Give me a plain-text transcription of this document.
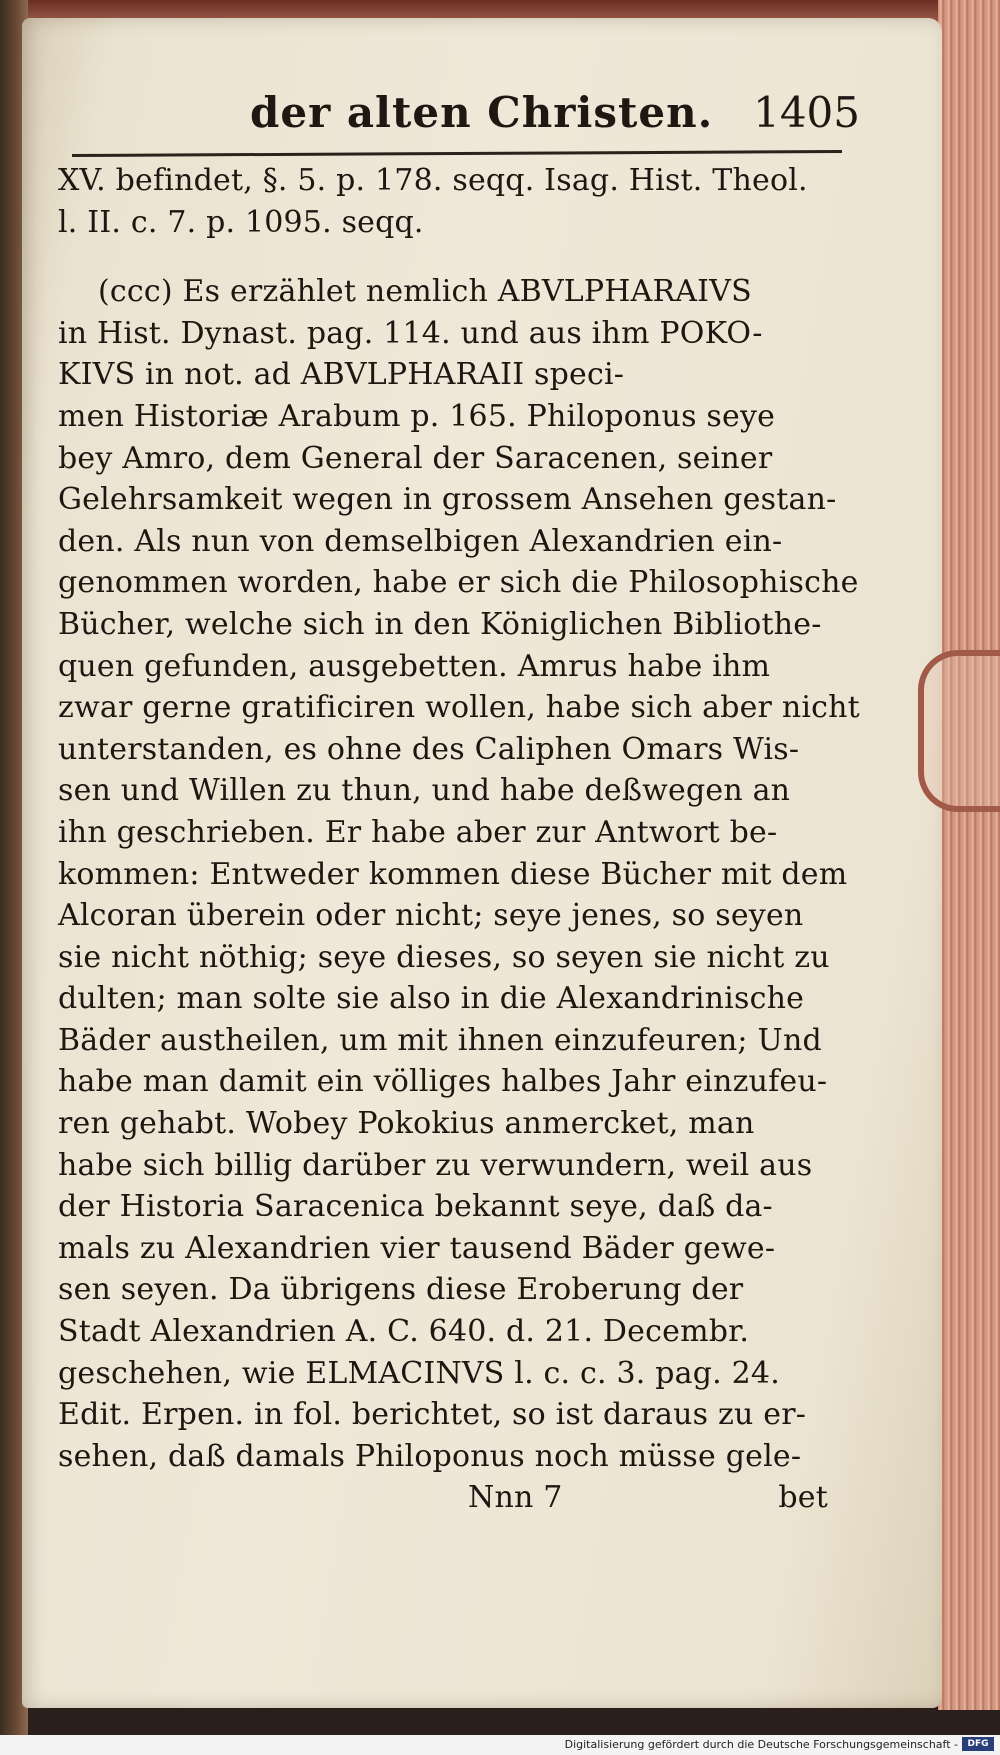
der alten Christen. 1405
XV. befindet, §. 5. p. 178. seqq. Isag. Hist. Theol.
l. II. c. 7. p. 1095. seqq.
(ccc) Es erzählet nemlich ABVLPHARAIVS
in Hist. Dynast. pag. 114. und aus ihm POKO-
KIVS in not. ad ABVLPHARAII speci-
men Historiæ Arabum p. 165. Philoponus seye
bey Amro, dem General der Saracenen, seiner
Gelehrsamkeit wegen in grossem Ansehen gestan-
den. Als nun von demselbigen Alexandrien ein-
genommen worden, habe er sich die Philosophische
Bücher, welche sich in den Königlichen Bibliothe-
quen gefunden, ausgebetten. Amrus habe ihm
zwar gerne gratificiren wollen, habe sich aber nicht
unterstanden, es ohne des Caliphen Omars Wis-
sen und Willen zu thun, und habe deßwegen an
ihn geschrieben. Er habe aber zur Antwort be-
kommen: Entweder kommen diese Bücher mit dem
Alcoran überein oder nicht; seye jenes, so seyen
sie nicht nöthig; seye dieses, so seyen sie nicht zu
dulten; man solte sie also in die Alexandrinische
Bäder austheilen, um mit ihnen einzufeuren; Und
habe man damit ein völliges halbes Jahr einzufeu-
ren gehabt. Wobey Pokokius anmercket, man
habe sich billig darüber zu verwundern, weil aus
der Historia Saracenica bekannt seye, daß da-
mals zu Alexandrien vier tausend Bäder gewe-
sen seyen. Da übrigens diese Eroberung der
Stadt Alexandrien A. C. 640. d. 21. Decembr.
geschehen, wie ELMACINVS l. c. c. 3. pag. 24.
Edit. Erpen. in fol. berichtet, so ist daraus zu er-
sehen, daß damals Philoponus noch müsse gele-
Nnn 7	bet
Digitalisierung gefördert durch die Deutsche Forschungsgemeinschaft -	DFG
